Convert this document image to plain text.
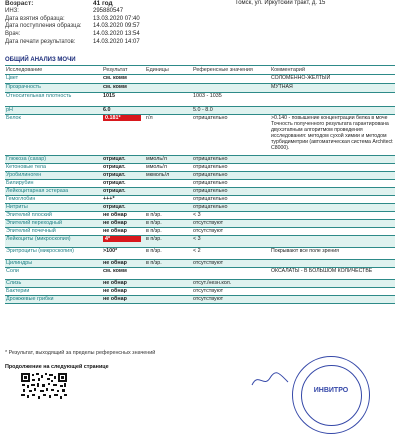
Возраст:	41 год
ИНЗ:	295880547
Дата взятия образца:	13.03.2020 07:40
Дата поступления образца:	14.03.2020 09:57
Врач:	14.03.2020 13:54
Дата печати результатов:	14.03.2020 14:07
Томск, ул. Иркутский тракт, д. 15
ОБЩИЙ АНАЛИЗ МОЧИ
Исследование	Результат	Единицы	Референсные значения	Комментарий
Цвет	см. комм	СОЛОМЕННО-ЖЕЛТЫЙ
Прозрачность	см. комм	МУТНАЯ
Относительная плотность	1015	1003 - 1035
pH	6.0	5.0 - 8.0
Белок	0.181*	г/л	отрицательно	>0.140 - повышение концентрации белка в моче Точность полученного результата гарантирована двухэтапным алгоритмом проведения исследования: методом сухой химии и методом турбидиметрии (автоматическая система Architect C8000).
Глюкоза (сахар)	отрицат.	ммоль/л	отрицательно
Кетоновые тела	отрицат.	ммоль/л	отрицательно
Уробилиноген	отрицат.	мкмоль/л	отрицательно
Билирубин	отрицат.	отрицательно
Лейкоцитарная эстераза	отрицат.	отрицательно
Гемоглобин	+++*	отрицательно
Нитриты	отрицат.	отрицательно
Эпителий плоский	не обнар	в п/зр.	< 3
Эпителий переходный	не обнар	в п/зр.	отсутствуют
Эпителий почечный	не обнар	в п/зр.	отсутствуют
Лейкоциты (микроскопия)	4*	в п/зр.	< 3
Эритроциты (микроскопия)	>100*	в п/зр.	< 2	Покрывают все поле зрения
Цилиндры	не обнар	в п/зр.	отсутствуют
Соли	см. комм	ОКСАЛАТЫ - В БОЛЬШОМ КОЛИЧЕСТВЕ
Слизь	не обнар	отсут./незн.кол.
Бактерии	не обнар	отсутствуют
Дрожжевые грибки	не обнар	отсутствуют
* Результат, выходящий за пределы референсных значений
Продолжение на следующей странице
ИНВИТРО
